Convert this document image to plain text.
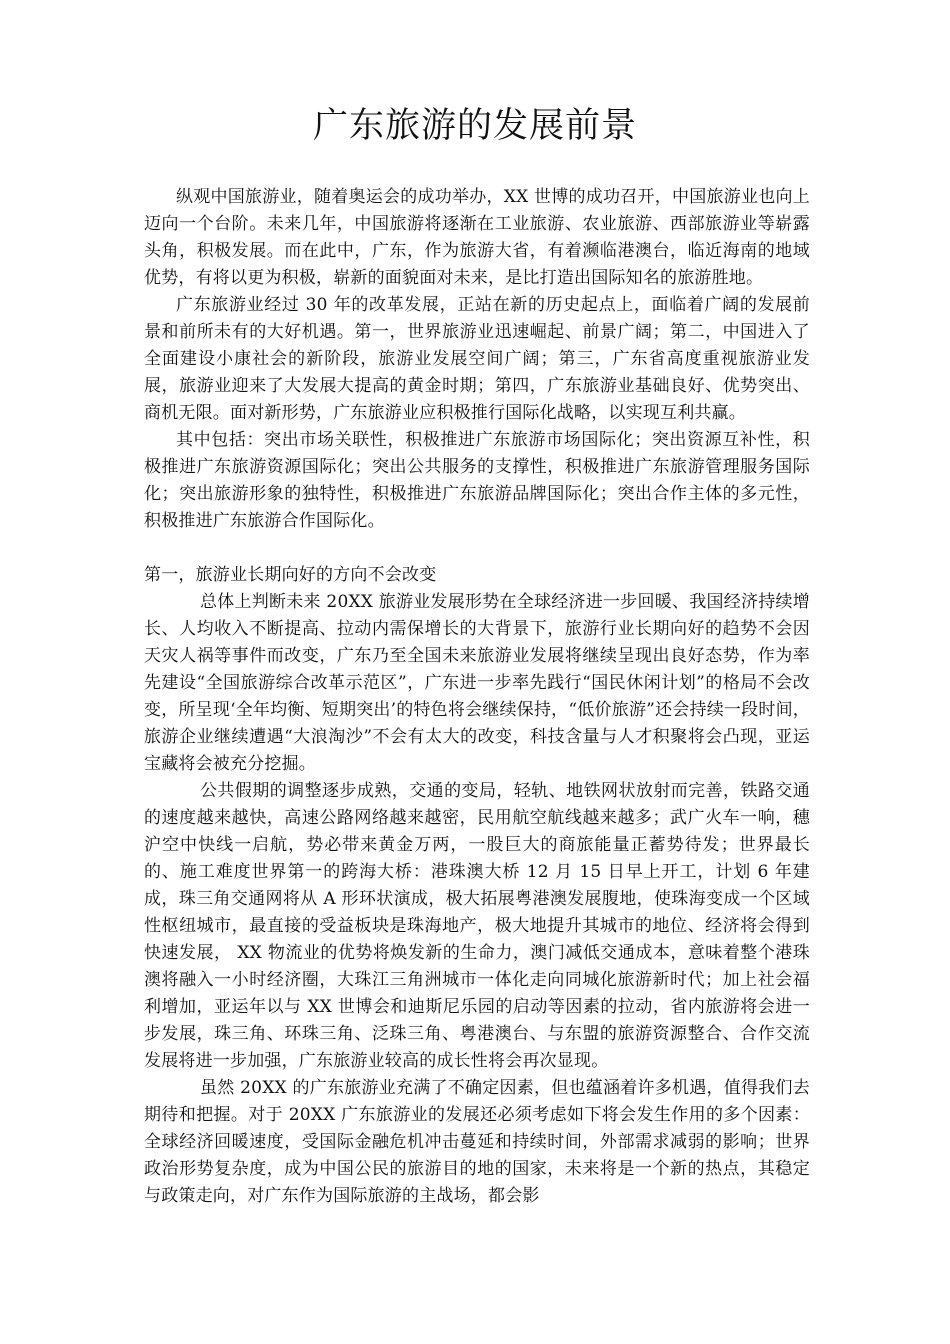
广东旅游的发展前景

纵观中国旅游业，随着奥运会的成功举办，XX 世博的成功召开，中国旅游业也向上迈向一个台阶。未来几年，中国旅游将逐渐在工业旅游、农业旅游、西部旅游业等崭露头角，积极发展。而在此中，广东，作为旅游大省，有着濒临港澳台，临近海南的地域优势，有将以更为积极，崭新的面貌面对未来，是比打造出国际知名的旅游胜地。

广东旅游业经过 30 年的改革发展，正站在新的历史起点上，面临着广阔的发展前景和前所未有的大好机遇。第一，世界旅游业迅速崛起、前景广阔；第二，中国进入了全面建设小康社会的新阶段，旅游业发展空间广阔；第三，广东省高度重视旅游业发展，旅游业迎来了大发展大提高的黄金时期；第四，广东旅游业基础良好、优势突出、商机无限。面对新形势，广东旅游业应积极推行国际化战略，以实现互利共赢。

其中包括：突出市场关联性，积极推进广东旅游市场国际化；突出资源互补性，积极推进广东旅游资源国际化；突出公共服务的支撑性，积极推进广东旅游管理服务国际化；突出旅游形象的独特性，积极推进广东旅游品牌国际化；突出合作主体的多元性，积极推进广东旅游合作国际化。

第一，旅游业长期向好的方向不会改变

总体上判断未来 20XX 旅游业发展形势在全球经济进一步回暖、我国经济持续增长、人均收入不断提高、拉动内需保增长的大背景下，旅游行业长期向好的趋势不会因天灾人祸等事件而改变，广东乃至全国未来旅游业发展将继续呈现出良好态势，作为率先建设“全国旅游综合改革示范区”，广东进一步率先践行“国民休闲计划”的格局不会改变，所呈现‘全年均衡、短期突出’的特色将会继续保持，“低价旅游”还会持续一段时间，旅游企业继续遭遇“大浪淘沙”不会有太大的改变，科技含量与人才积聚将会凸现，亚运宝藏将会被充分挖掘。

公共假期的调整逐步成熟，交通的变局，轻轨、地铁网状放射而完善，铁路交通的速度越来越快，高速公路网络越来越密，民用航空航线越来越多；武广火车一响，穗沪空中快线一启航，势必带来黄金万两，一股巨大的商旅能量正蓄势待发；世界最长的、施工难度世界第一的跨海大桥：港珠澳大桥 12 月 15 日早上开工，计划 6 年建成，珠三角交通网将从 A 形环状演成，极大拓展粤港澳发展腹地，使珠海变成一个区域性枢纽城市，最直接的受益板块是珠海地产，极大地提升其城市的地位、经济将会得到快速发展， XX 物流业的优势将焕发新的生命力，澳门减低交通成本，意味着整个港珠澳将融入一小时经济圈，大珠江三角洲城市一体化走向同城化旅游新时代；加上社会福利增加，亚运年以与 XX 世博会和迪斯尼乐园的启动等因素的拉动，省内旅游将会进一步发展，珠三角、环珠三角、泛珠三角、粤港澳台、与东盟的旅游资源整合、合作交流发展将进一步加强，广东旅游业较高的成长性将会再次显现。

虽然 20XX 的广东旅游业充满了不确定因素，但也蕴涵着许多机遇，值得我们去期待和把握。对于 20XX 广东旅游业的发展还必须考虑如下将会发生作用的多个因素：全球经济回暖速度，受国际金融危机冲击蔓延和持续时间，外部需求减弱的影响；世界政治形势复杂度，成为中国公民的旅游目的地的国家，未来将是一个新的热点，其稳定与政策走向，对广东作为国际旅游的主战场，都会影
